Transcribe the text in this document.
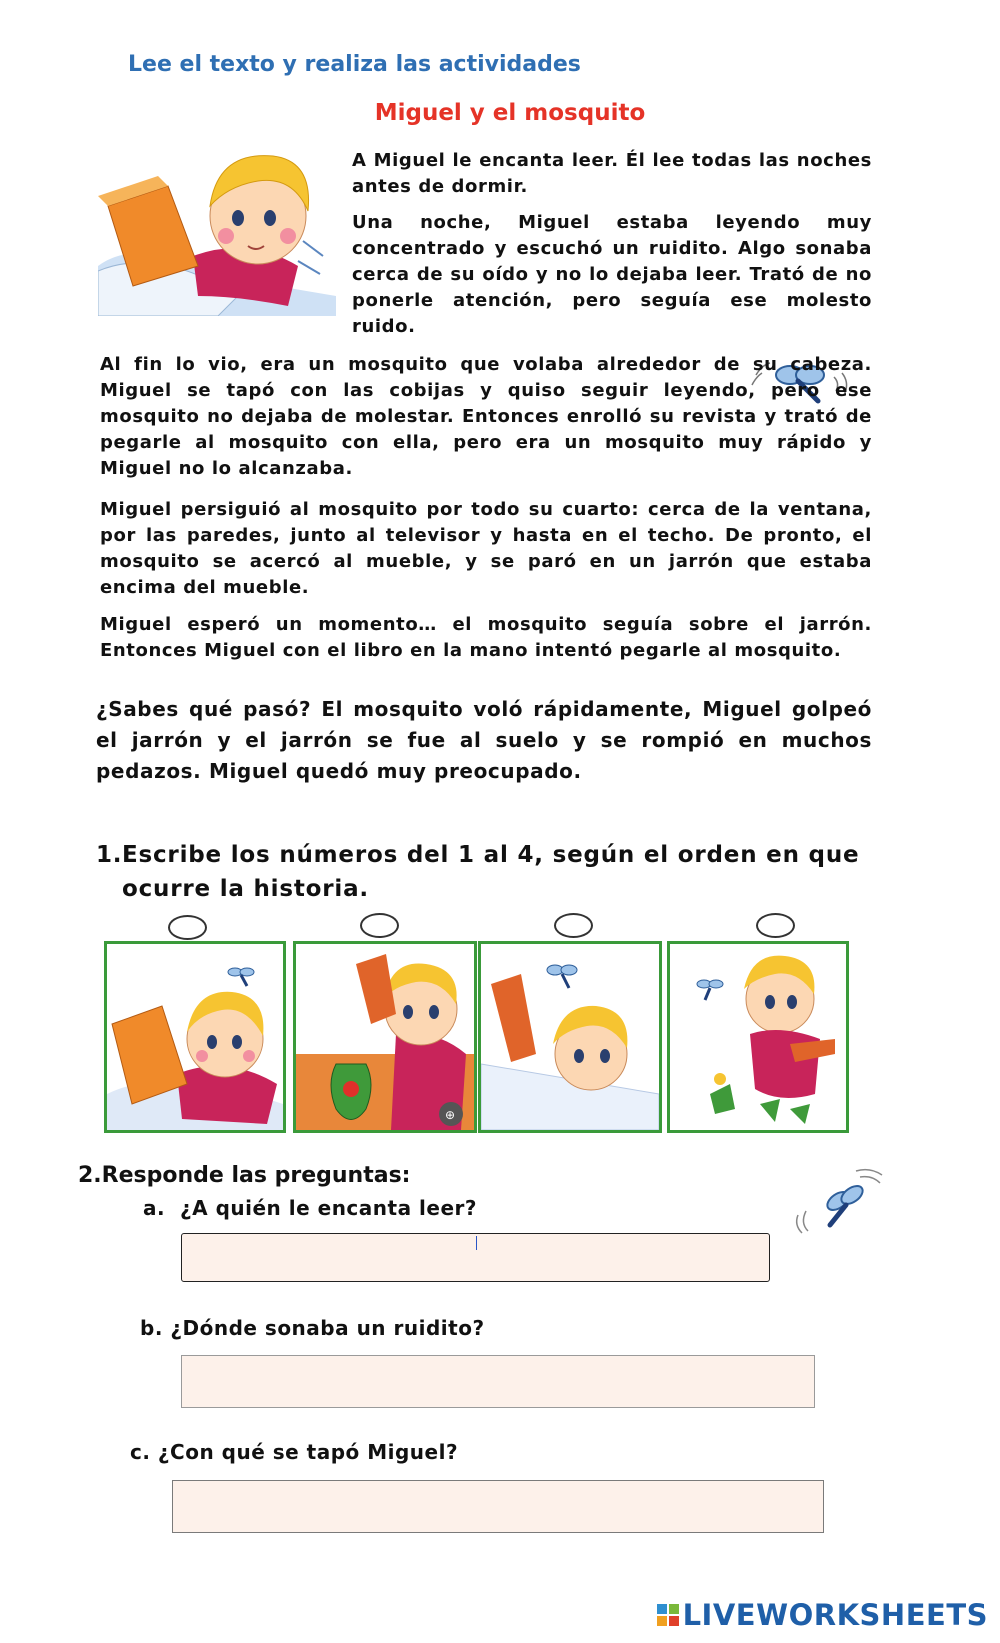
Lee el texto y realiza las actividades
Miguel y el mosquito
A Miguel le encanta leer. Él lee todas las noches antes de dormir.
Una noche, Miguel estaba leyendo muy concentrado y escuchó un ruidito. Algo sonaba cerca de su oído y no lo dejaba leer. Trató de no ponerle atención, pero seguía ese molesto ruido.
Al fin lo vio, era un mosquito que volaba alrededor de su cabeza. Miguel se tapó con las cobijas y quiso seguir leyendo, pero ese mosquito no dejaba de molestar. Entonces enrolló su revista y trató de pegarle al mosquito con ella, pero era un mosquito muy rápido y Miguel no lo alcanzaba.
Miguel persiguió al mosquito por todo su cuarto: cerca de la ventana, por las paredes, junto al televisor y hasta en el techo. De pronto, el mosquito se acercó al mueble, y se paró en un jarrón que estaba encima del mueble.
Miguel esperó un momento… el mosquito seguía sobre el jarrón. Entonces Miguel con el libro en la mano intentó pegarle al mosquito.
¿Sabes qué pasó? El mosquito voló rápidamente, Miguel golpeó el jarrón y el jarrón se fue al suelo y se rompió en muchos pedazos. Miguel quedó muy preocupado.
1.Escribe los números del 1 al 4, según el orden en que
ocurre la historia.
⊕
2.Responde las preguntas:
a. ¿A quién le encanta leer?
b. ¿Dónde sonaba un ruidito?
c. ¿Con qué se tapó Miguel?
LIVEWORKSHEETS
